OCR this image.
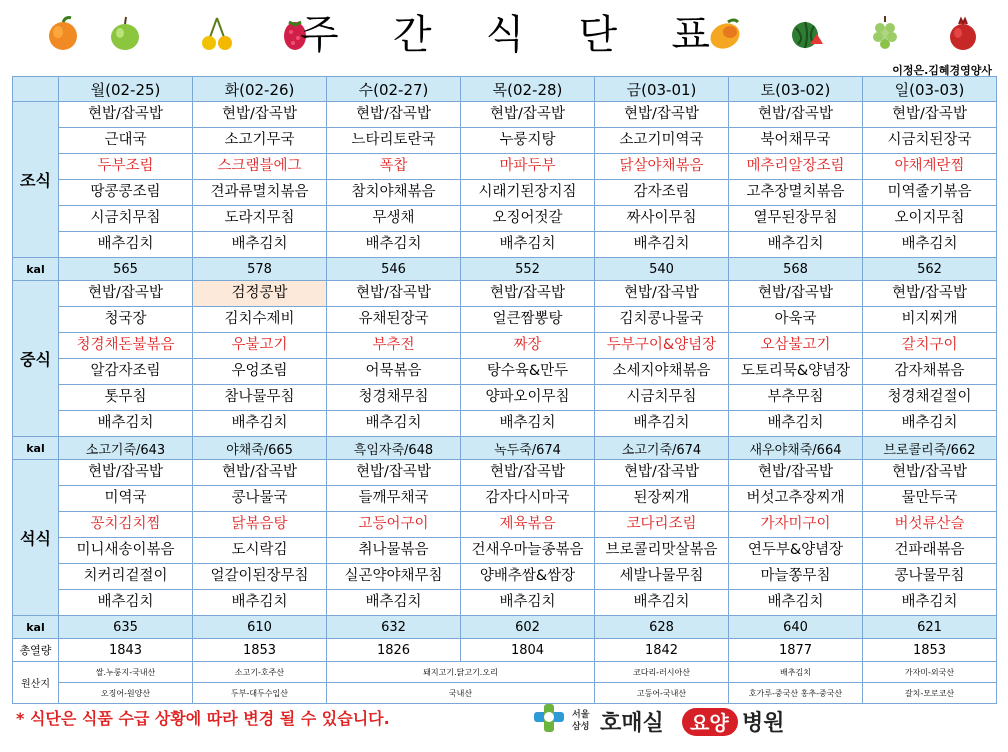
주 간 식 단 표
이정은.김혜경영양사
	월(02-25)	화(02-26)	수(02-27)	목(02-28)	금(03-01)	토(03-02)	일(03-03)
조식	현밥/잡곡밥	현밥/잡곡밥	현밥/잡곡밥	현밥/잡곡밥	현밥/잡곡밥	현밥/잡곡밥	현밥/잡곡밥
	근대국	소고기무국	느타리토란국	누룽지탕	소고기미역국	북어채무국	시금치된장국
	두부조림	스크램블에그	폭찹	마파두부	닭살야채볶음	메추리알장조림	야채계란찜
	땅콩콩조림	견과류멸치볶음	참치야채볶음	시래기된장지짐	감자조림	고추장멸치볶음	미역줄기볶음
	시금치무침	도라지무침	무생채	오징어젓갈	짜사이무침	열무된장무침	오이지무침
	배추김치	배추김치	배추김치	배추김치	배추김치	배추김치	배추김치
kal	565	578	546	552	540	568	562
중식	현밥/잡곡밥	검정콩밥	현밥/잡곡밥	현밥/잡곡밥	현밥/잡곡밥	현밥/잡곡밥	현밥/잡곡밥
	청국장	김치수제비	유채된장국	얼큰짬뽕탕	김치콩나물국	아욱국	비지찌개
	청경채돈불볶음	우불고기	부추전	짜장	두부구이&양념장	오삼불고기	갈치구이
	알감자조림	우엉조림	어묵볶음	탕수육&만두	소세지야채볶음	도토리묵&양념장	감자채볶음
	톳무침	참나물무침	청경채무침	양파오이무침	시금치무침	부추무침	청경채겉절이
	배추김치	배추김치	배추김치	배추김치	배추김치	배추김치	배추김치
kal	소고기죽/643	야채죽/665	흑임자죽/648	녹두죽/674	소고기죽/674	새우야채죽/664	브로콜리죽/662
석식	현밥/잡곡밥	현밥/잡곡밥	현밥/잡곡밥	현밥/잡곡밥	현밥/잡곡밥	현밥/잡곡밥	현밥/잡곡밥
	미역국	콩나물국	들깨무채국	감자다시마국	된장찌개	버섯고추장찌개	물만두국
	꽁치김치찜	닭볶음탕	고등어구이	제육볶음	코다리조림	가자미구이	버섯류산슬
	미니새송이볶음	도시락김	취나물볶음	건새우마늘종볶음	브로콜리맛살볶음	연두부&양념장	건파래볶음
	치커리겉절이	얼갈이된장무침	실곤약야채무침	양배추쌈&쌈장	세발나물무침	마늘쫑무침	콩나물무침
	배추김치	배추김치	배추김치	배추김치	배추김치	배추김치	배추김치
kal	635	610	632	602	628	640	621
총열량	1843	1853	1826	1804	1842	1877	1853
원산지	쌀.누룽지-국내산	소고기-호주산	돼지고기.닭고기.오리		코다리-러시아산	배추김치	가자미-외국산
	오징어-원양산	두부-대두수입산	국내산		고등어-국내산	호가루-중국산 홍추-중국산	갈치-모로코산
* 식단은 식품 수급 상황에 따라 변경 될 수 있습니다.	서울
삼성 호매실 요양 병원
